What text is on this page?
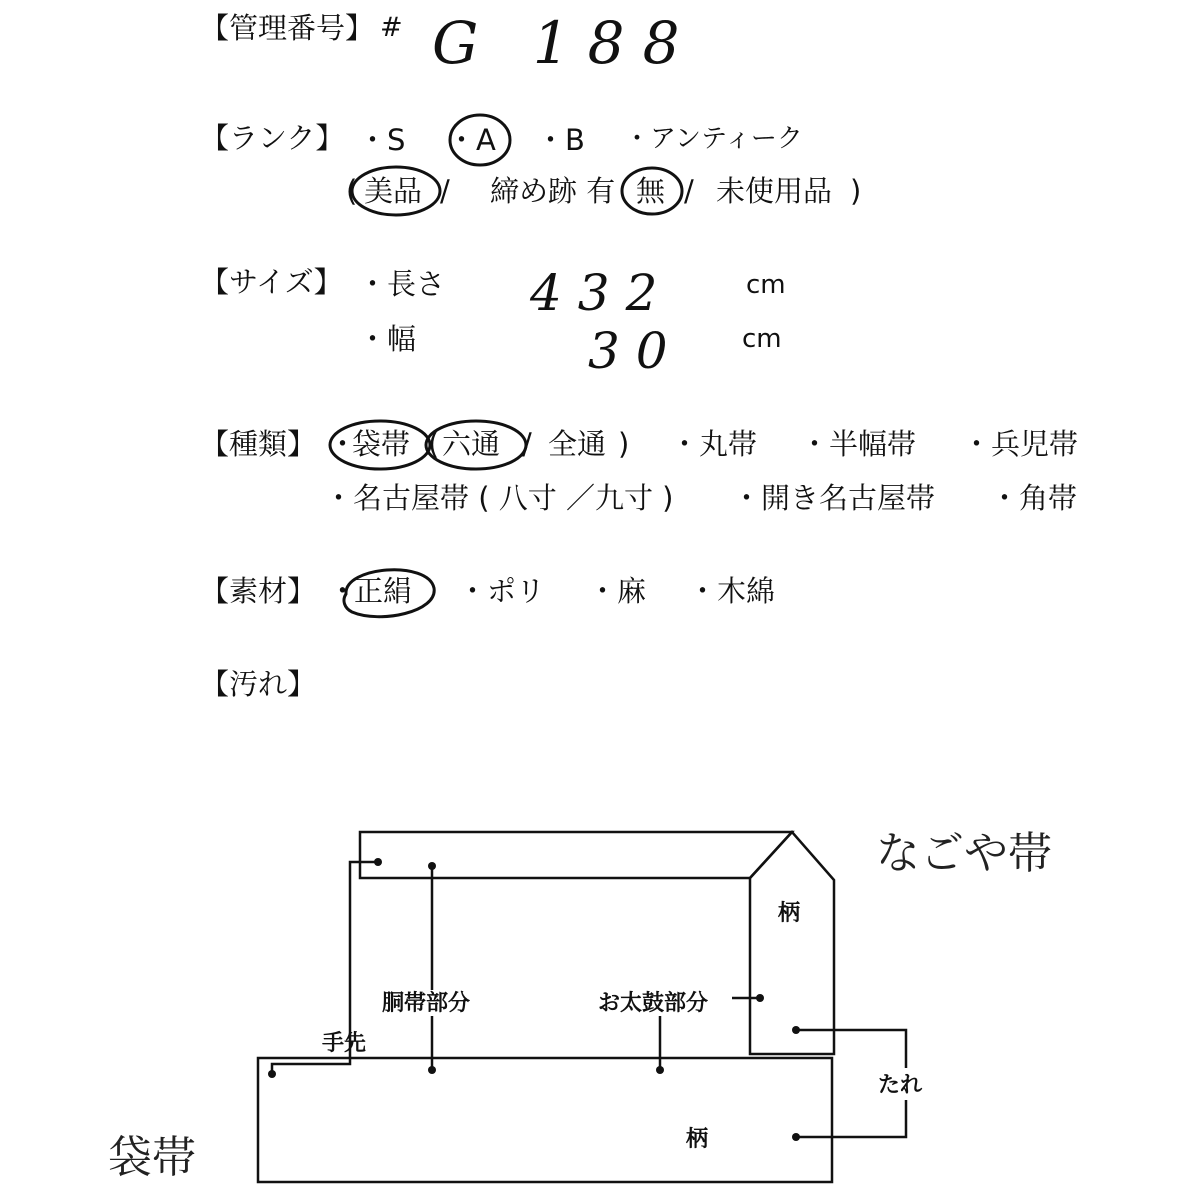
【管理番号】 # G 188
【ランク】 ・S ・A ・B ・アンティーク
( 美品 / 締め跡 有 無 / 未使用品 )
【サイズ】 ・長さ 432	cm
・幅	30 cm
【種類】 ・
袋帯 ( 六通 / 全通 ) ・丸帯 ・半幅帯 ・兵児帯
・名古屋帯 ( 八寸 ／九寸 ) ・開き名古屋帯 ・角帯
【素材】 ・
正絹 ・ポリ ・麻 ・木綿
【汚れ】
なごや帯
袋帯
柄
柄
胴帯部分	お太鼓部分
手先
たれ
